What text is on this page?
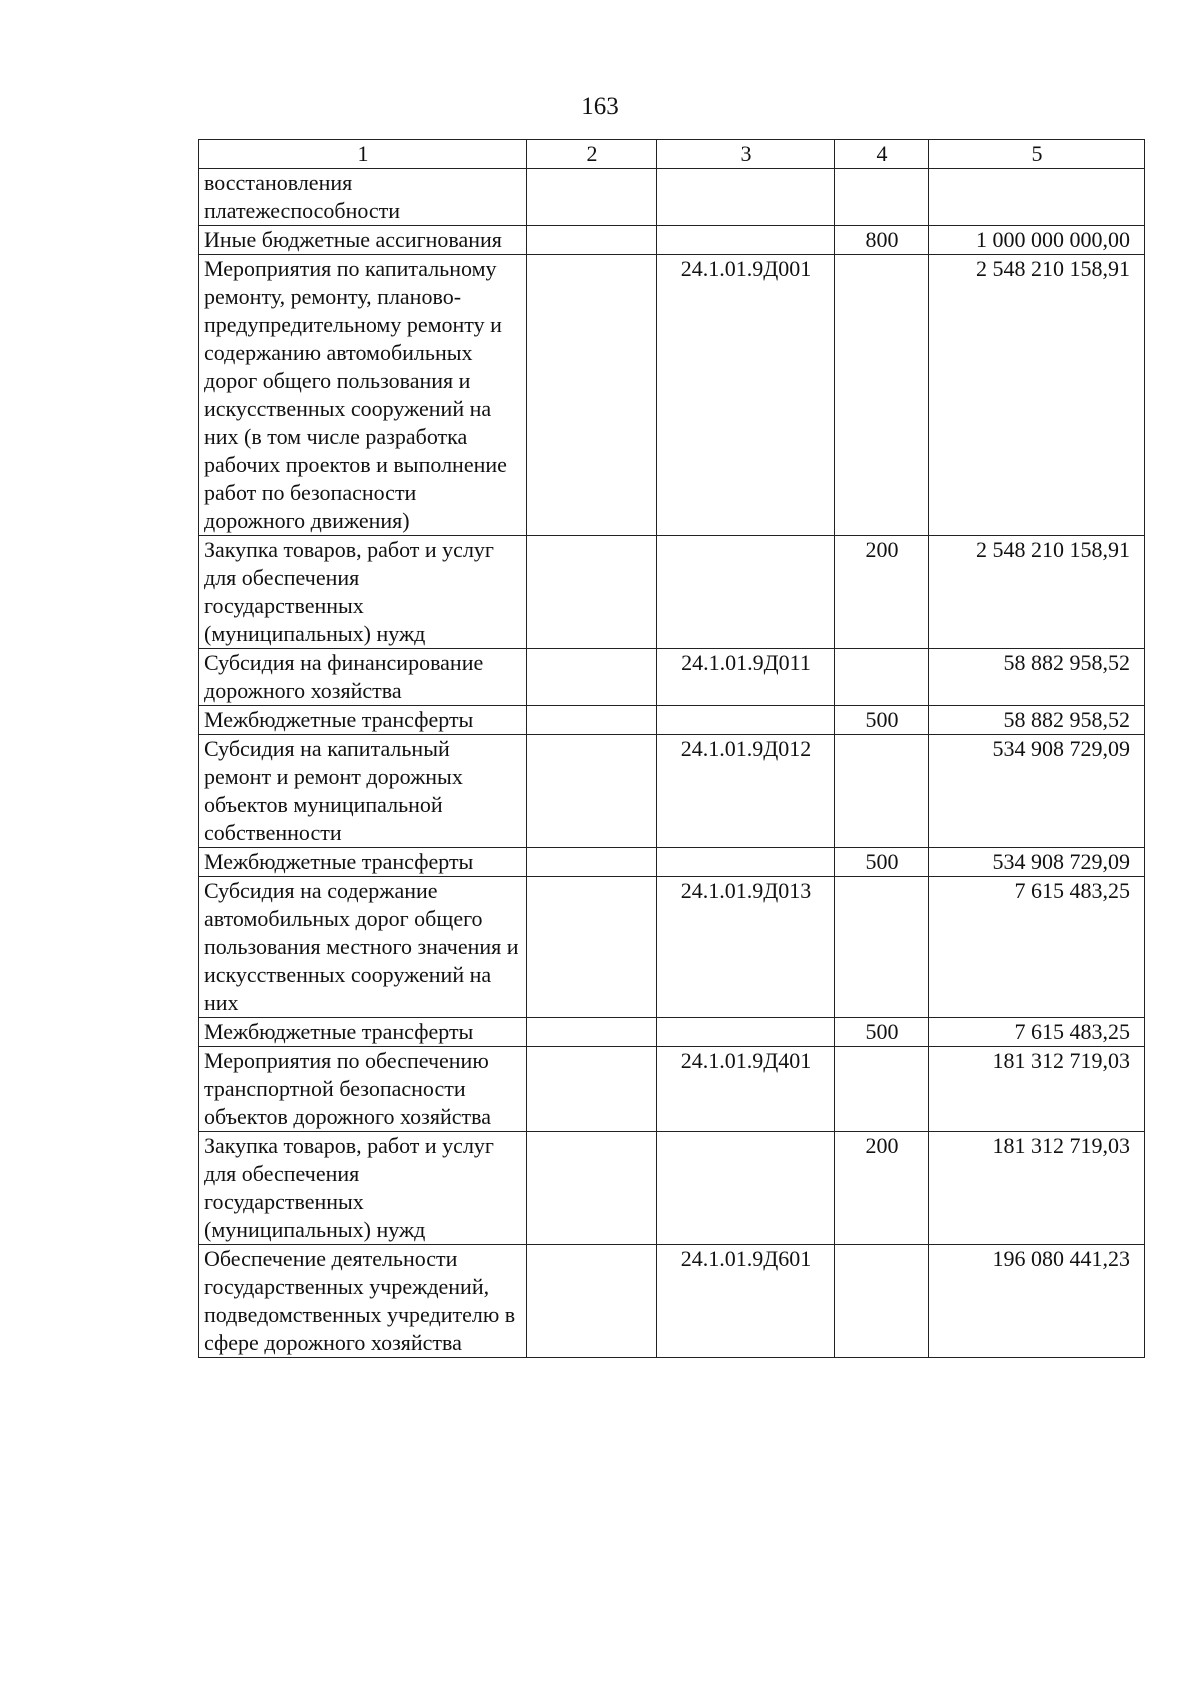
163
1	2	3	4	5
восстановления платежеспособности				
Иные бюджетные ассигнования			800	1 000 000 000,00
Мероприятия по капитальному ремонту, ремонту, планово-предупредительному ремонту и содержанию автомобильных дорог общего пользования и искусственных сооружений на них (в том числе разработка рабочих проектов и выполнение работ по безопасности дорожного движения)		24.1.01.9Д001		2 548 210 158,91
Закупка товаров, работ и услуг для обеспечения государственных (муниципальных) нужд			200	2 548 210 158,91
Субсидия на финансирование дорожного хозяйства		24.1.01.9Д011		58 882 958,52
Межбюджетные трансферты			500	58 882 958,52
Субсидия на капитальный ремонт и ремонт дорожных объектов муниципальной собственности		24.1.01.9Д012		534 908 729,09
Межбюджетные трансферты			500	534 908 729,09
Субсидия на содержание автомобильных дорог общего пользования местного значения и искусственных сооружений на них		24.1.01.9Д013		7 615 483,25
Межбюджетные трансферты			500	7 615 483,25
Мероприятия по обеспечению транспортной безопасности объектов дорожного хозяйства		24.1.01.9Д401		181 312 719,03
Закупка товаров, работ и услуг для обеспечения государственных (муниципальных) нужд			200	181 312 719,03
Обеспечение деятельности государственных учреждений, подведомственных учредителю в сфере дорожного хозяйства		24.1.01.9Д601		196 080 441,23
